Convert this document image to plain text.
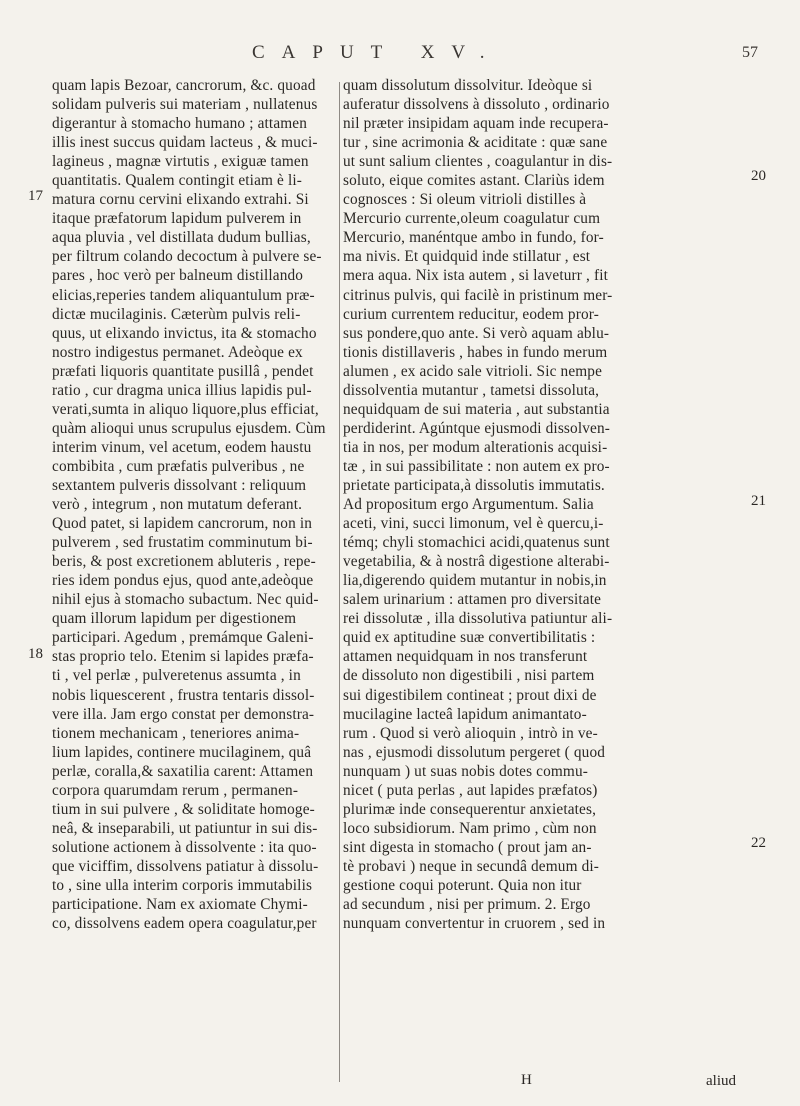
CAPUT XV.	57
quam lapis Bezoar, cancrorum, &c. quoad
solidam pulveris sui materiam , nullatenus
digerantur à stomacho humano ; attamen
illis inest succus quidam lacteus , & muci-
lagineus , magnæ virtutis , exiguæ tamen
quantitatis. Qualem contingit etiam è li-
matura cornu cervini elixando extrahi. Si
itaque præfatorum lapidum pulverem in
aqua pluvia , vel distillata dudum bullias,
per filtrum colando decoctum à pulvere se-
pares , hoc verò per balneum distillando
elicias,reperies tandem aliquantulum præ-
dictæ mucilaginis. Cæterùm pulvis reli-
quus, ut elixando invictus, ita & stomacho
nostro indigestus permanet. Adeòque ex
præfati liquoris quantitate pusillâ , pendet
ratio , cur dragma unica illius lapidis pul-
verati,sumta in aliquo liquore,plus efficiat,
quàm alioqui unus scrupulus ejusdem. Cùm
interim vinum, vel acetum, eodem haustu
combibita , cum præfatis pulveribus , ne
sextantem pulveris dissolvant : reliquum
verò , integrum , non mutatum deferant.
Quod patet, si lapidem cancrorum, non in
pulverem , sed frustatim comminutum bi-
beris, & post excretionem abluteris , repe-
ries idem pondus ejus, quod ante,adeòque
nihil ejus à stomacho subactum. Nec quid-
quam illorum lapidum per digestionem
participari. Agedum , premámque Galeni-
stas proprio telo. Etenim si lapides præfa-
ti , vel perlæ , pulveretenus assumta , in
nobis liquescerent , frustra tentaris dissol-
vere illa. Jam ergo constat per demonstra-
tionem mechanicam , teneriores anima-
lium lapides, continere mucilaginem, quâ
perlæ, coralla,& saxatilia carent: Attamen
corpora quarumdam rerum , permanen-
tium in sui pulvere , & soliditate homoge-
neâ, & inseparabili, ut patiuntur in sui dis-
solutione actionem à dissolvente : ita quo-
que viciffim, dissolvens patiatur à dissolu-
to , sine ulla interim corporis immutabilis
participatione. Nam ex axiomate Chymi-
co, dissolvens eadem opera coagulatur,per
quam dissolutum dissolvitur. Ideòque si
auferatur dissolvens à dissoluto , ordinario
nil præter insipidam aquam inde recupera-
tur , sine acrimonia & aciditate : quæ sane
ut sunt salium clientes , coagulantur in dis-
soluto, eique comites astant. Clariùs idem
cognosces : Si oleum vitrioli distilles à
Mercurio currente,oleum coagulatur cum
Mercurio, manéntque ambo in fundo, for-
ma nivis. Et quidquid inde stillatur , est
mera aqua. Nix ista autem , si laveturr , fit
citrinus pulvis, qui facilè in pristinum mer-
curium currentem reducitur, eodem pror-
sus pondere,quo ante. Si verò aquam ablu-
tionis distillaveris , habes in fundo merum
alumen , ex acido sale vitrioli. Sic nempe
dissolventia mutantur , tametsi dissoluta,
nequidquam de sui materia , aut substantia
perdiderint. Agúntque ejusmodi dissolven-
tia in nos, per modum alterationis acquisi-
tæ , in sui passibilitate : non autem ex pro-
prietate participata,à dissolutis immutatis.
Ad propositum ergo Argumentum. Salia
aceti, vini, succi limonum, vel è quercu,i-
témq; chyli stomachici acidi,quatenus sunt
vegetabilia, & à nostrâ digestione alterabi-
lia,digerendo quidem mutantur in nobis,in
salem urinarium : attamen pro diversitate
rei dissolutæ , illa dissolutiva patiuntur ali-
quid ex aptitudine suæ convertibilitatis :
attamen nequidquam in nos transferunt
de dissoluto non digestibili , nisi partem
sui digestibilem contineat ; prout dixi de
mucilagine lacteâ lapidum animantato-
rum . Quod si verò alioquin , intrò in ve-
nas , ejusmodi dissolutum pergeret ( quod
nunquam ) ut suas nobis dotes commu-
nicet ( puta perlas , aut lapides præfatos)
plurimæ inde consequerentur anxietates,
loco subsidiorum. Nam primo , cùm non
sint digesta in stomacho ( prout jam an-
tè probavi ) neque in secundâ demum di-
gestione coqui poterunt. Quia non itur
ad secundum , nisi per primum. 2. Ergo
nunquam convertentur in cruorem , sed in
17
18
20
21
22
H	aliud
